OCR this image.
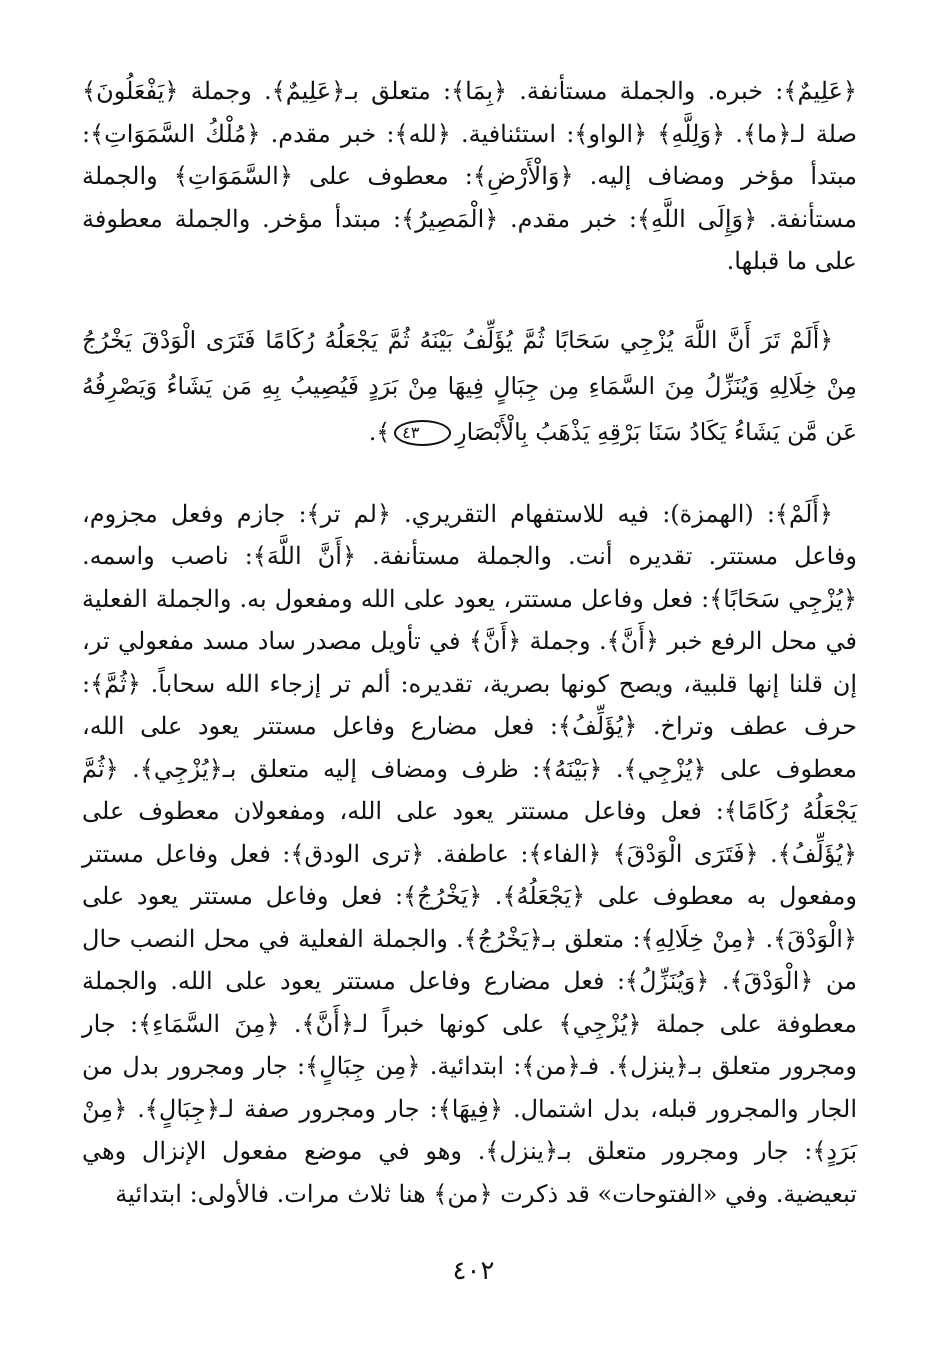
﴿عَلِيمٌ﴾: خبره. والجملة مستأنفة. ﴿بِمَا﴾: متعلق بـ﴿عَلِيمٌ﴾. وجملة ﴿يَفْعَلُونَ﴾ صلة لـ﴿ما﴾. ﴿وَلِلَّهِ﴾ ﴿الواو﴾: استئنافية. ﴿لله﴾: خبر مقدم. ﴿مُلْكُ السَّمَوَاتِ﴾: مبتدأ مؤخر ومضاف إليه. ﴿وَالْأَرْضِ﴾: معطوف على ﴿السَّمَوَاتِ﴾ والجملة مستأنفة. ﴿وَإِلَى اللَّهِ﴾: خبر مقدم. ﴿الْمَصِيرُ﴾: مبتدأ مؤخر. والجملة معطوفة على ما قبلها.

﴿أَلَمْ تَرَ أَنَّ اللَّهَ يُزْجِي سَحَابًا ثُمَّ يُؤَلِّفُ بَيْنَهُ ثُمَّ يَجْعَلُهُ رُكَامًا فَتَرَى الْوَدْقَ يَخْرُجُ مِنْ خِلَالِهِ وَيُنَزِّلُ مِنَ السَّمَاءِ مِن جِبَالٍ فِيهَا مِنْ بَرَدٍ فَيُصِيبُ بِهِ مَن يَشَاءُ وَيَصْرِفُهُ عَن مَّن يَشَاءُ يَكَادُ سَنَا بَرْقِهِ يَذْهَبُ بِالْأَبْصَارِ٤٣﴾.

﴿أَلَمْ﴾: (الهمزة): فيه للاستفهام التقريري. ﴿لم تر﴾: جازم وفعل مجزوم، وفاعل مستتر. تقديره أنت. والجملة مستأنفة. ﴿أَنَّ اللَّهَ﴾: ناصب واسمه. ﴿يُزْجِي سَحَابًا﴾: فعل وفاعل مستتر، يعود على الله ومفعول به. والجملة الفعلية في محل الرفع خبر ﴿أَنَّ﴾. وجملة ﴿أَنَّ﴾ في تأويل مصدر ساد مسد مفعولي تر، إن قلنا إنها قلبية، ويصح كونها بصرية، تقديره: ألم تر إزجاء الله سحاباً. ﴿ثُمَّ﴾: حرف عطف وتراخ. ﴿يُؤَلِّفُ﴾: فعل مضارع وفاعل مستتر يعود على الله، معطوف على ﴿يُزْجِي﴾. ﴿بَيْنَهُ﴾: ظرف ومضاف إليه متعلق بـ﴿يُزْجِي﴾. ﴿ثُمَّ يَجْعَلُهُ رُكَامًا﴾: فعل وفاعل مستتر يعود على الله، ومفعولان معطوف على ﴿يُؤَلِّفُ﴾. ﴿فَتَرَى الْوَدْقَ﴾ ﴿الفاء﴾: عاطفة. ﴿ترى الودق﴾: فعل وفاعل مستتر ومفعول به معطوف على ﴿يَجْعَلُهُ﴾. ﴿يَخْرُجُ﴾: فعل وفاعل مستتر يعود على ﴿الْوَدْقَ﴾. ﴿مِنْ خِلَالِهِ﴾: متعلق بـ﴿يَخْرُجُ﴾. والجملة الفعلية في محل النصب حال من ﴿الْوَدْقَ﴾. ﴿وَيُنَزِّلُ﴾: فعل مضارع وفاعل مستتر يعود على الله. والجملة معطوفة على جملة ﴿يُزْجِي﴾ على كونها خبراً لـ﴿أَنَّ﴾. ﴿مِنَ السَّمَاءِ﴾: جار ومجرور متعلق بـ﴿ينزل﴾. فـ﴿من﴾: ابتدائية. ﴿مِن جِبَالٍ﴾: جار ومجرور بدل من الجار والمجرور قبله، بدل اشتمال. ﴿فِيهَا﴾: جار ومجرور صفة لـ﴿جِبَالٍ﴾. ﴿مِنْ بَرَدٍ﴾: جار ومجرور متعلق بـ﴿ينزل﴾. وهو في موضع مفعول الإنزال وهي تبعيضية. وفي «الفتوحات» قد ذكرت ﴿من﴾ هنا ثلاث مرات. فالأولى: ابتدائية

٤٠٢
